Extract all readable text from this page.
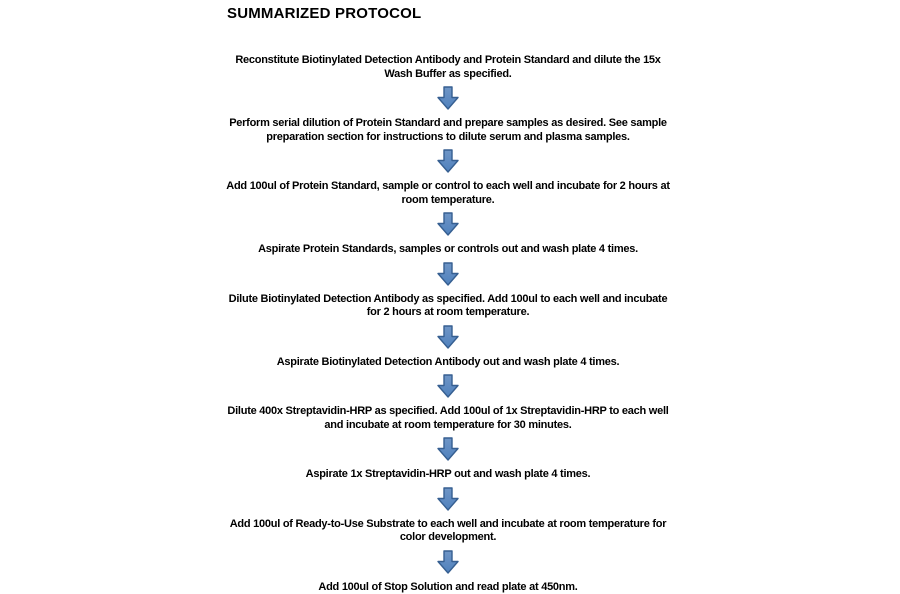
SUMMARIZED PROTOCOL

Reconstitute Biotinylated Detection Antibody and Protein Standard and dilute the 15x Wash Buffer as specified.

Perform serial dilution of Protein Standard and prepare samples as desired. See sample preparation section for instructions to dilute serum and plasma samples.

Add 100ul of Protein Standard, sample or control to each well and incubate for 2 hours at room temperature.

Aspirate Protein Standards, samples or controls out and wash plate 4 times.

Dilute Biotinylated Detection Antibody as specified. Add 100ul to each well and incubate for 2 hours at room temperature.

Aspirate Biotinylated Detection Antibody out and wash plate 4 times.

Dilute 400x Streptavidin-HRP as specified. Add 100ul of 1x Streptavidin-HRP to each well and incubate at room temperature for 30 minutes.

Aspirate 1x Streptavidin-HRP out and wash plate 4 times.

Add 100ul of Ready-to-Use Substrate to each well and incubate at room temperature for color development.

Add 100ul of Stop Solution and read plate at 450nm.
